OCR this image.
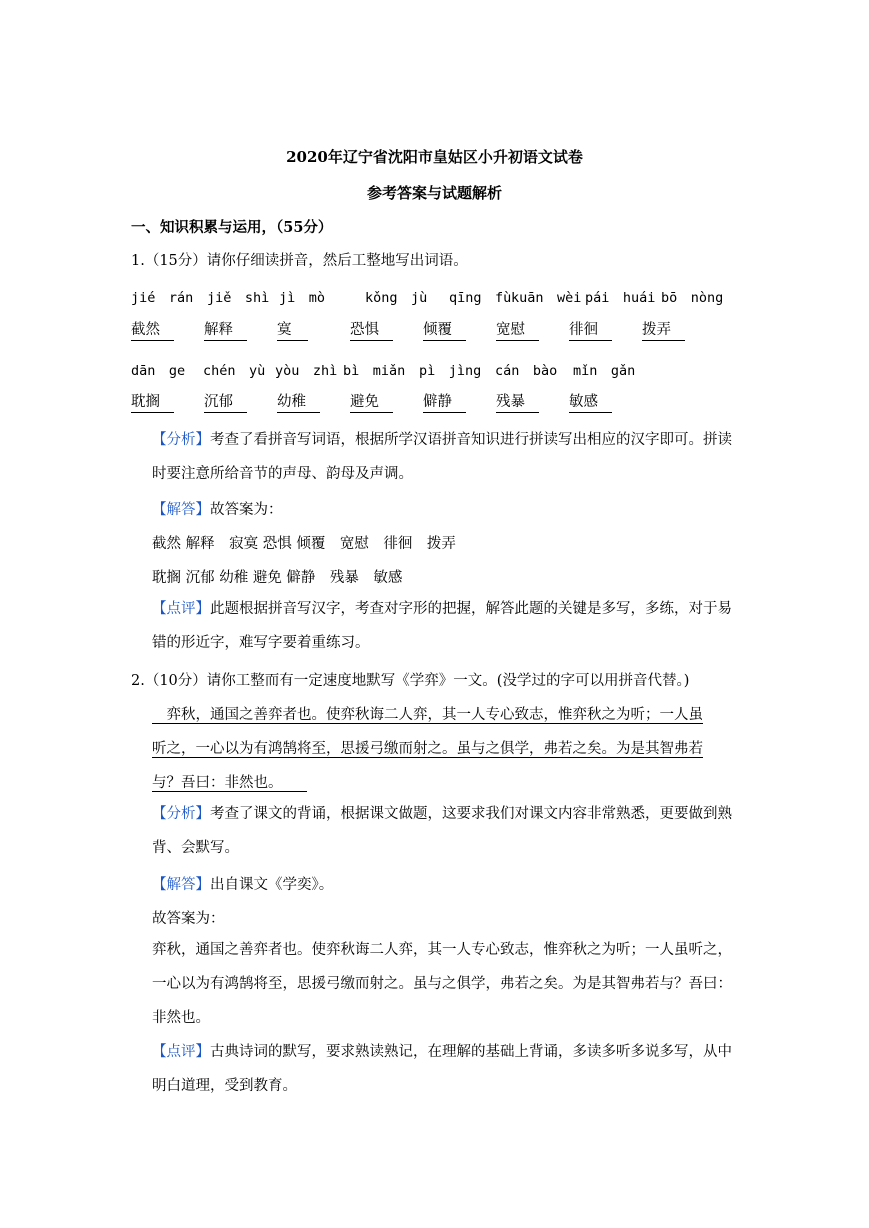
2020年辽宁省沈阳市皇姑区小升初语文试卷
参考答案与试题解析
一、知识积累与运用，（55分）
1.（15分）请你仔细读拼音，然后工整地写出词语。
jié　rán jiě　shì jì　mò	kǒng　jù qīng　fùkuān　wèi pái　huái bō　nòng
截然	解释	寞	恐惧	倾覆	宽慰	徘徊	拨弄
dān　ge chén　yù yòu　zhì bì　miǎn pì　jìng cán　bào mǐn　gǎn
耽搁	沉郁	幼稚	避免	僻静	残暴	敏感
【分析】考查了看拼音写词语，根据所学汉语拼音知识进行拼读写出相应的汉字即可。拼读时要注意所给音节的声母、韵母及声调。
【解答】故答案为：
截然 解释　寂寞 恐惧 倾覆　宽慰　徘徊　拨弄
耽搁 沉郁 幼稚 避免 僻静　残暴　敏感
【点评】此题根据拼音写汉字，考查对字形的把握，解答此题的关键是多写，多练，对于易错的形近字，难写字要着重练习。
2.（10分）请你工整而有一定速度地默写《学弈》一文。(没学过的字可以用拼音代替。)
　弈秋，通国之善弈者也。使弈秋诲二人弈，其一人专心致志，惟弈秋之为听；一人虽
听之，一心以为有鸿鹄将至，思援弓缴而射之。虽与之俱学，弗若之矣。为是其智弗若
与？吾曰：非然也。
【分析】考查了课文的背诵，根据课文做题，这要求我们对课文内容非常熟悉，更要做到熟背、会默写。
【解答】出自课文《学奕》。
故答案为：
弈秋，通国之善弈者也。使弈秋诲二人弈，其一人专心致志，惟弈秋之为听；一人虽听之，一心以为有鸿鹄将至，思援弓缴而射之。虽与之俱学，弗若之矣。为是其智弗若与？吾曰：非然也。
【点评】古典诗词的默写，要求熟读熟记，在理解的基础上背诵，多读多听多说多写，从中明白道理，受到教育。
